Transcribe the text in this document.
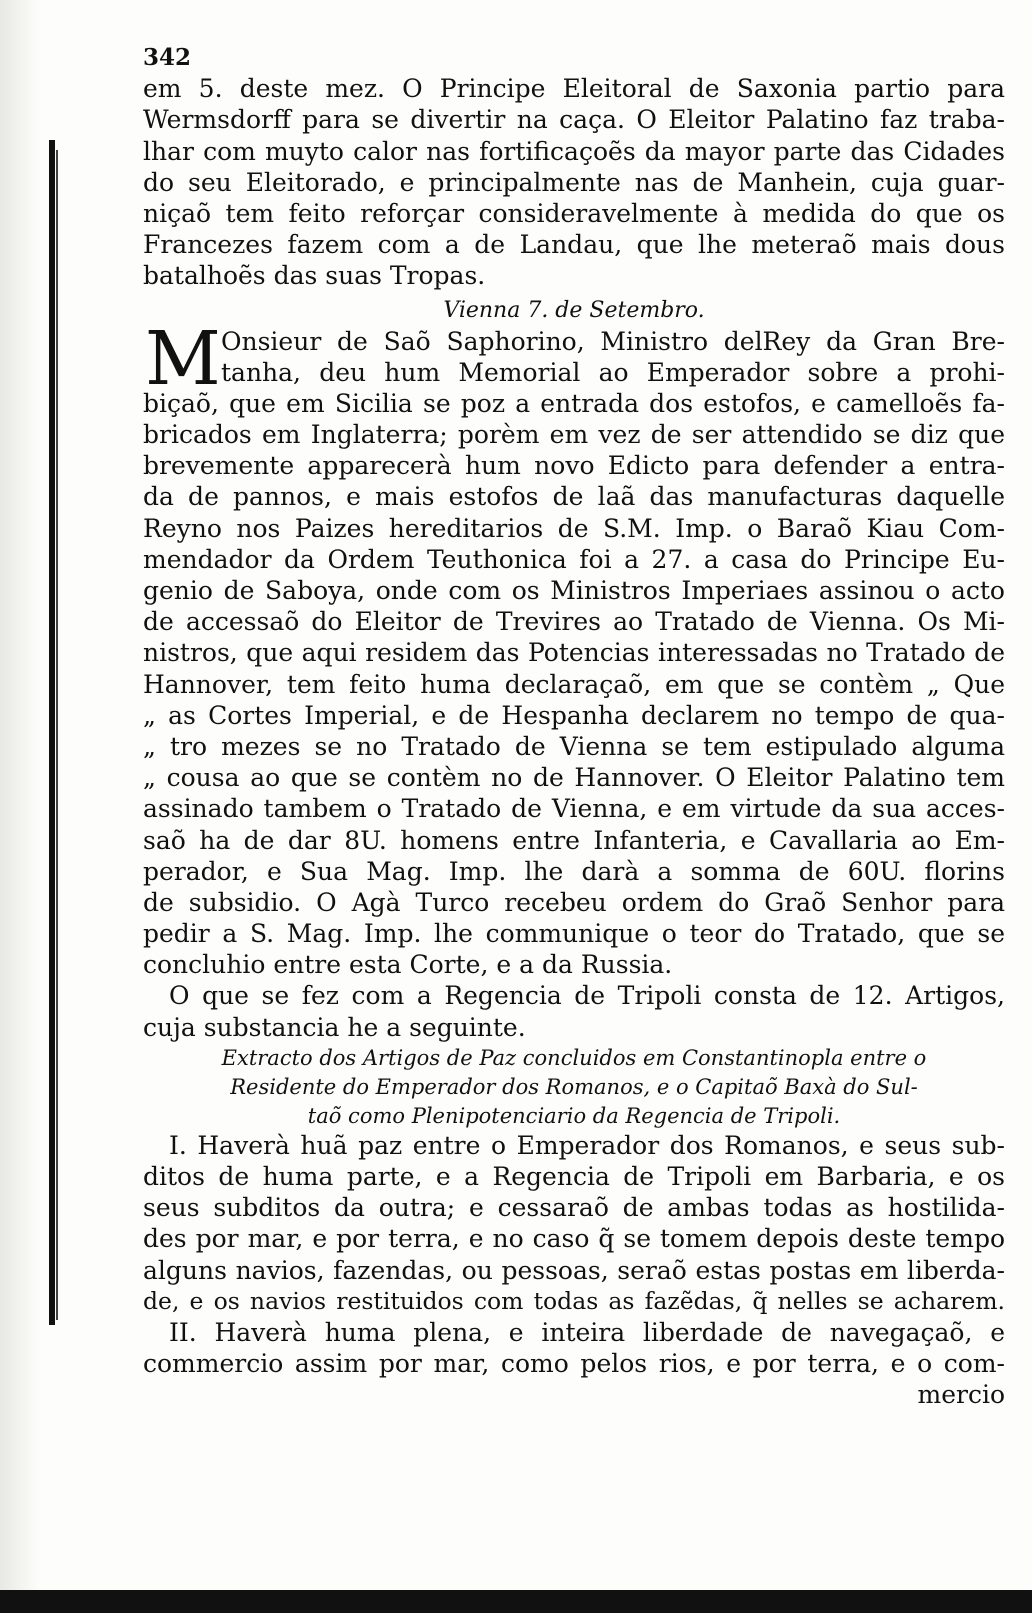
342
em 5. deste mez. O Principe Eleitoral de Saxonia partio para
Wermsdorff para se divertir na caça. O Eleitor Palatino faz traba-
lhar com muyto calor nas fortificaçoẽs da mayor parte das Cidades
do seu Eleitorado, e principalmente nas de Manhein, cuja guar-
niçaõ tem feito reforçar consideravelmente à medida do que os
Francezes fazem com a de Landau, que lhe meteraõ mais dous
batalhoẽs das suas Tropas.
Vienna 7. de Setembro.
M Onsieur de Saõ Saphorino, Ministro delRey da Gran Bre-
tanha, deu hum Memorial ao Emperador sobre a prohi-
biçaõ, que em Sicilia se poz a entrada dos estofos, e camelloẽs fa-
bricados em Inglaterra; porèm em vez de ser attendido se diz que
brevemente apparecerà hum novo Edicto para defender a entra-
da de pannos, e mais estofos de laã das manufacturas daquelle
Reyno nos Paizes hereditarios de S.M. Imp. o Baraõ Kiau Com-
mendador da Ordem Teuthonica foi a 27. a casa do Principe Eu-
genio de Saboya, onde com os Ministros Imperiaes assinou o acto
de accessaõ do Eleitor de Trevires ao Tratado de Vienna. Os Mi-
nistros, que aqui residem das Potencias interessadas no Tratado de
Hannover, tem feito huma declaraçaõ, em que se contèm „ Que
„ as Cortes Imperial, e de Hespanha declarem no tempo de qua-
„ tro mezes se no Tratado de Vienna se tem estipulado alguma
„ cousa ao que se contèm no de Hannover. O Eleitor Palatino tem
assinado tambem o Tratado de Vienna, e em virtude da sua acces-
saõ ha de dar 8U. homens entre Infanteria, e Cavallaria ao Em-
perador, e Sua Mag. Imp. lhe darà a somma de 60U. florins
de subsidio. O Agà Turco recebeu ordem do Graõ Senhor para
pedir a S. Mag. Imp. lhe communique o teor do Tratado, que se
concluhio entre esta Corte, e a da Russia.
O que se fez com a Regencia de Tripoli consta de 12. Artigos,
cuja substancia he a seguinte.
Extracto dos Artigos de Paz concluidos em Constantinopla entre o
Residente do Emperador dos Romanos, e o Capitaõ Baxà do Sul-
taõ como Plenipotenciario da Regencia de Tripoli.
I. Haverà huã paz entre o Emperador dos Romanos, e seus sub-
ditos de huma parte, e a Regencia de Tripoli em Barbaria, e os
seus subditos da outra; e cessaraõ de ambas todas as hostilida-
des por mar, e por terra, e no caso q̃ se tomem depois deste tempo
alguns navios, fazendas, ou pessoas, seraõ estas postas em liberda-
de, e os navios restituidos com todas as fazẽdas, q̃ nelles se acharem.
II. Haverà huma plena, e inteira liberdade de navegaçaõ, e
commercio assim por mar, como pelos rios, e por terra, e o com-
mercio
